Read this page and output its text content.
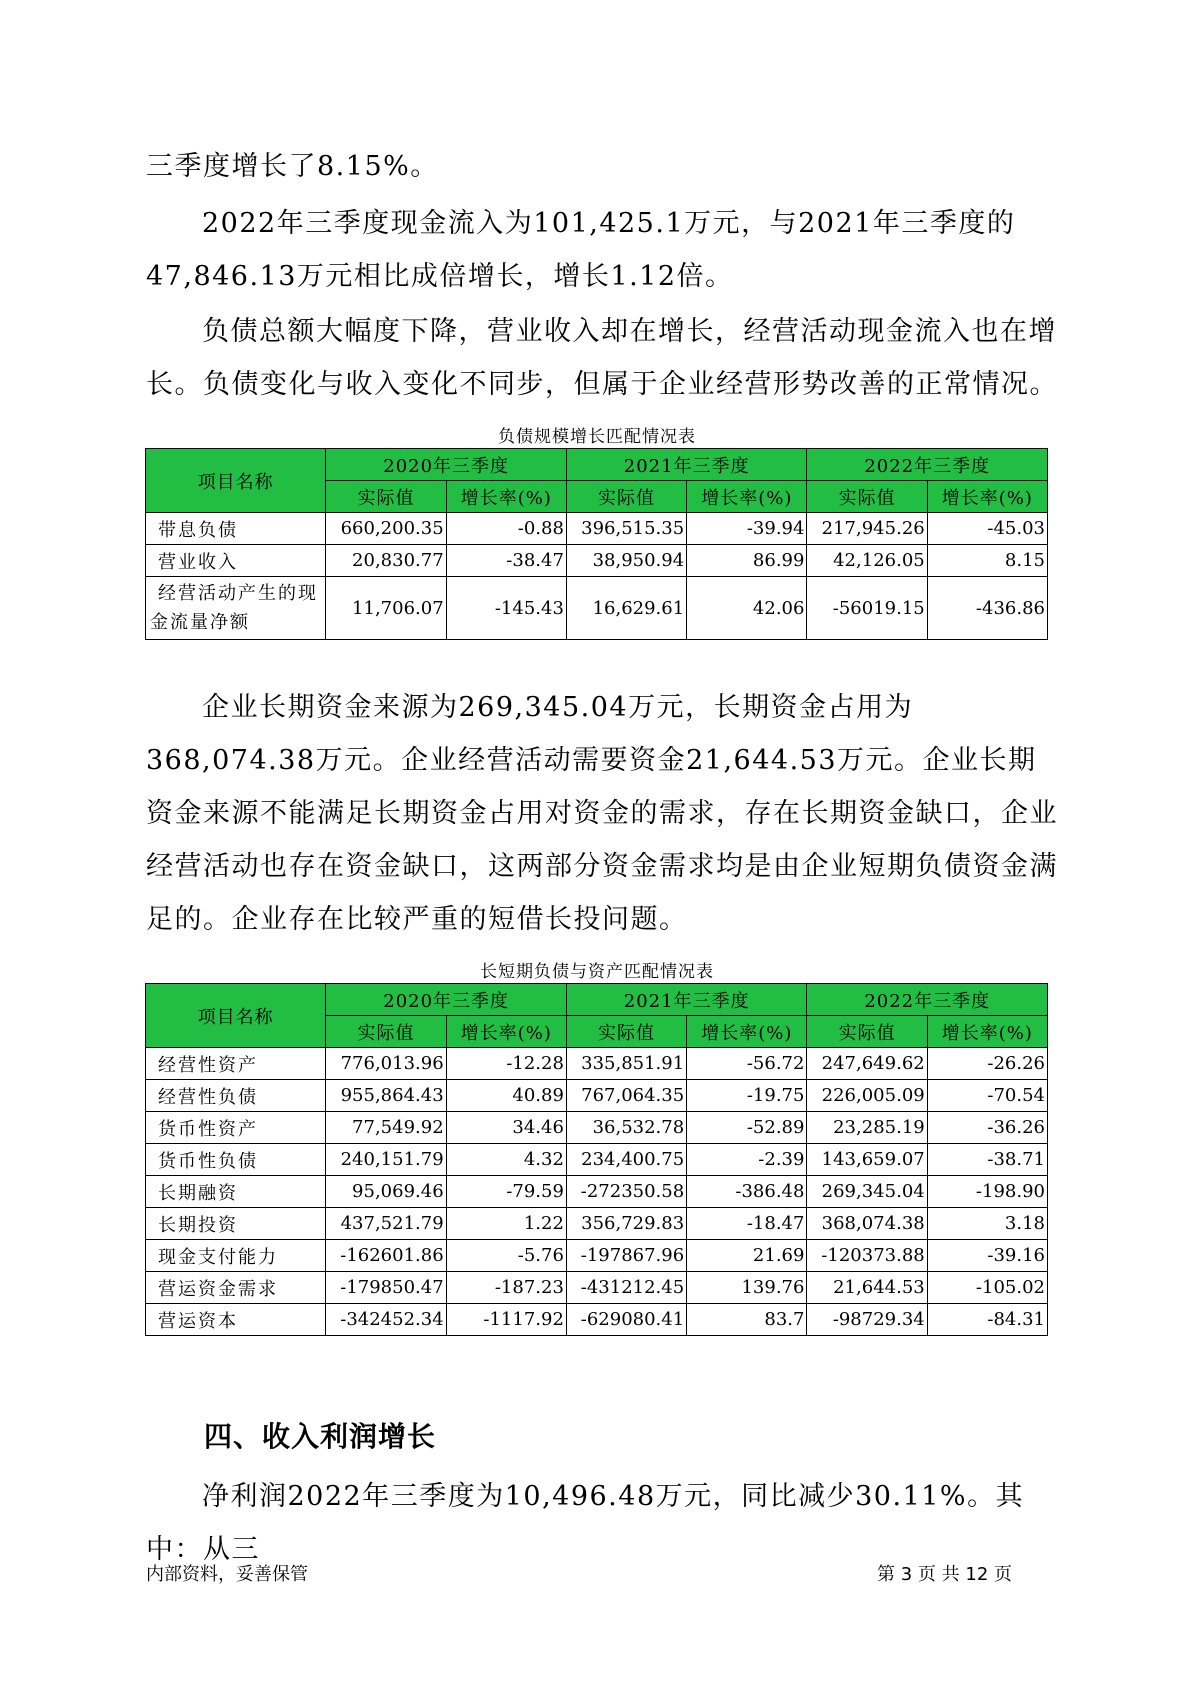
三季度增长了8.15%。

2022年三季度现金流入为101,425.1万元，与2021年三季度的47,846.13万元相比成倍增长，增长1.12倍。

负债总额大幅度下降，营业收入却在增长，经营活动现金流入也在增长。负债变化与收入变化不同步，但属于企业经营形势改善的正常情况。

负债规模增长匹配情况表
项目名称	2020年三季度		2021年三季度		2022年三季度	
	实际值	增长率(%)	实际值	增长率(%)	实际值	增长率(%)
带息负债	660,200.35	-0.88	396,515.35	-39.94	217,945.26	-45.03
营业收入	20,830.77	-38.47	38,950.94	86.99	42,126.05	8.15

经营活动产生的现
金流量净额	11,706.07	-145.43	16,629.61	42.06	-56019.15	-436.86

企业长期资金来源为269,345.04万元，长期资金占用为368,074.38万元。企业经营活动需要资金21,644.53万元。企业长期资金来源不能满足长期资金占用对资金的需求，存在长期资金缺口，企业经营活动也存在资金缺口，这两部分资金需求均是由企业短期负债资金满足的。企业存在比较严重的短借长投问题。

长短期负债与资产匹配情况表
项目名称	2020年三季度		2021年三季度		2022年三季度	
	实际值	增长率(%)	实际值	增长率(%)	实际值	增长率(%)
经营性资产	776,013.96	-12.28	335,851.91	-56.72	247,649.62	-26.26
经营性负债	955,864.43	40.89	767,064.35	-19.75	226,005.09	-70.54
货币性资产	77,549.92	34.46	36,532.78	-52.89	23,285.19	-36.26
货币性负债	240,151.79	4.32	234,400.75	-2.39	143,659.07	-38.71
长期融资	95,069.46	-79.59	-272350.58	-386.48	269,345.04	-198.90
长期投资	437,521.79	1.22	356,729.83	-18.47	368,074.38	3.18
现金支付能力	-162601.86	-5.76	-197867.96	21.69	-120373.88	-39.16
营运资金需求	-179850.47	-187.23	-431212.45	139.76	21,644.53	-105.02
营运资本	-342452.34	-1117.92	-629080.41	83.7	-98729.34	-84.31
四、收入利润增长

净利润2022年三季度为10,496.48万元，同比减少30.11%。其中：从三

内部资料，妥善保管	第 3 页 共 12 页
